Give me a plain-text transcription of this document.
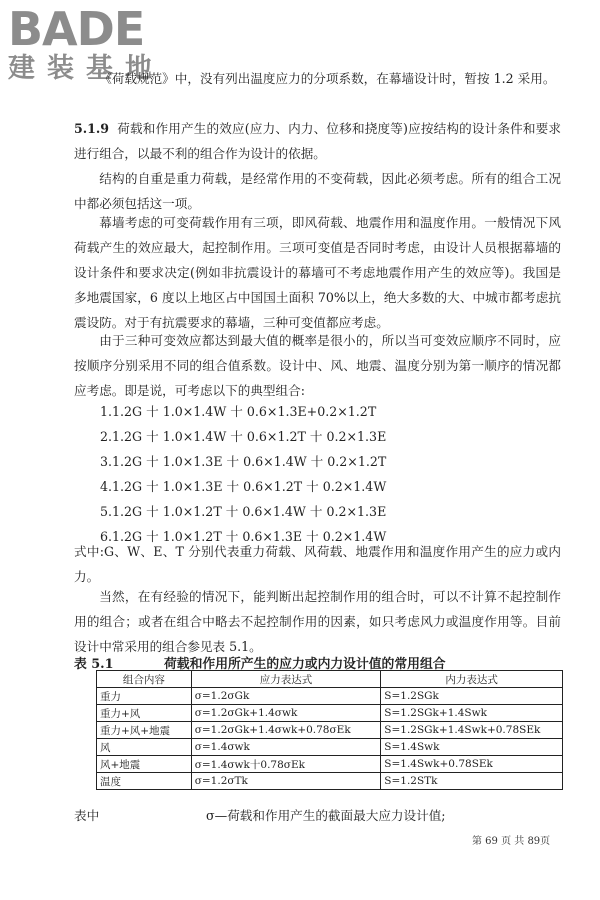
BADE
建装基地

《荷载规范》中，没有列出温度应力的分项系数，在幕墙设计时，暂按 1.2 采用。

5.1.9 荷载和作用产生的效应(应力、内力、位移和挠度等)应按结构的设计条件和要求进行组合，以最不利的组合作为设计的依据。

结构的自重是重力荷载，是经常作用的不变荷载，因此必须考虑。所有的组合工况中都必须包括这一项。

幕墙考虑的可变荷载作用有三项，即风荷载、地震作用和温度作用。一般情况下风荷载产生的效应最大，起控制作用。三项可变值是否同时考虑，由设计人员根据幕墙的设计条件和要求决定(例如非抗震设计的幕墙可不考虑地震作用产生的效应等)。我国是多地震国家，6 度以上地区占中国国土面积 70%以上，绝大多数的大、中城市都考虑抗震设防。对于有抗震要求的幕墙，三种可变值都应考虑。

由于三种可变效应都达到最大值的概率是很小的，所以当可变效应顺序不同时，应按顺序分别采用不同的组合值系数。设计中、风、地震、温度分别为第一顺序的情况都应考虑。即是说，可考虑以下的典型组合:

1.1.2G 十 1.0×1.4W 十 0.6×1.3E+0.2×1.2T
2.1.2G 十 1.0×1.4W 十 0.6×1.2T 十 0.2×1.3E
3.1.2G 十 1.0×1.3E 十 0.6×1.4W 十 0.2×1.2T
4.1.2G 十 1.0×1.3E 十 0.6×1.2T 十 0.2×1.4W
5.1.2G 十 1.0×1.2T 十 0.6×1.4W 十 0.2×1.3E
6.1.2G 十 1.0×1.2T 十 0.6×1.3E 十 0.2×1.4W

式中:G、W、E、T 分别代表重力荷载、风荷载、地震作用和温度作用产生的应力或内力。

当然，在有经验的情况下，能判断出起控制作用的组合时，可以不计算不起控制作用的组合；或者在组合中略去不起控制作用的因素，如只考虑风力或温度作用等。目前设计中常采用的组合参见表 5.1。

表 5.1	荷载和作用所产生的应力或内力设计值的常用组合
组合内容	应力表达式	内力表达式
重力	σ=1.2σGk	S=1.2SGk
重力+风	σ=1.2σGk+1.4σwk	S=1.2SGk+1.4Swk
重力+风+地震	σ=1.2σGk+1.4σwk+0.78σEk	S=1.2SGk+1.4Swk+0.78SEk
风	σ=1.4σwk	S=1.4Swk
风+地震	σ=1.4σwk十0.78σEk	S=1.4Swk+0.78SEk
温度	σ=1.2σTk	S=1.2STk
表中	σ—荷载和作用产生的截面最大应力设计值;
第 69 页 共 89页
